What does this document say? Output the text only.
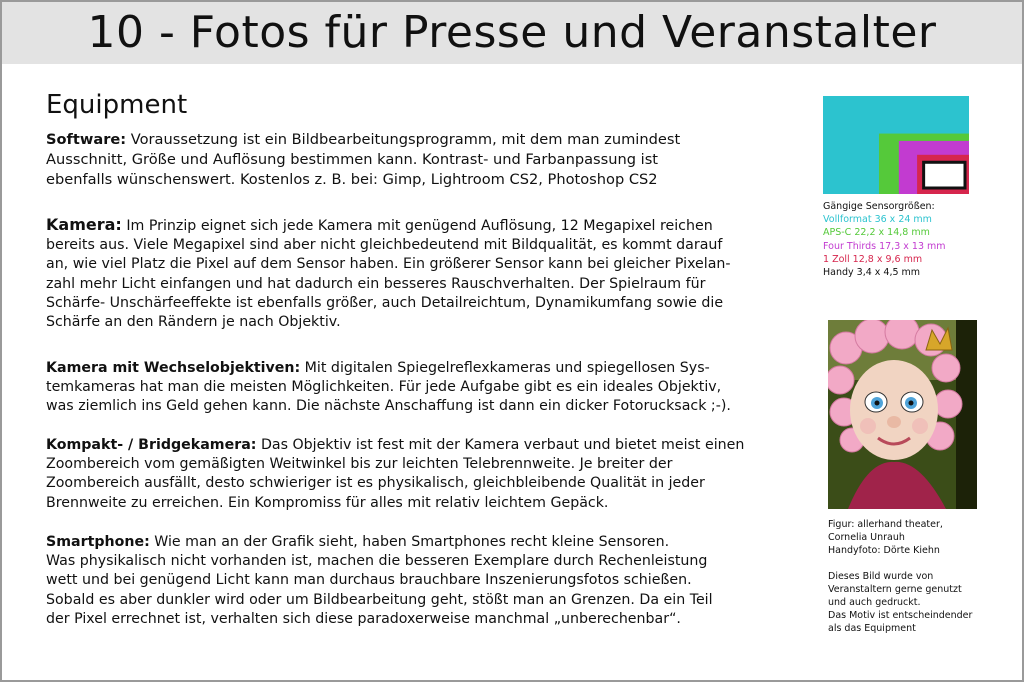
10 - Fotos für Presse und Veranstalter
Equipment
Software: Voraussetzung ist ein Bildbearbeitungsprogramm, mit dem man zumindest
Ausschnitt, Größe und Auflösung bestimmen kann. Kontrast- und Farbanpassung ist
ebenfalls wünschenswert. Kostenlos z. B. bei: Gimp, Lightroom CS2, Photoshop CS2
Kamera: Im Prinzip eignet sich jede Kamera mit genügend Auflösung, 12 Megapixel reichen
bereits aus. Viele Megapixel sind aber nicht gleichbedeutend mit Bildqualität, es kommt darauf
an, wie viel Platz die Pixel auf dem Sensor haben. Ein größerer Sensor kann bei gleicher Pixelan-
zahl mehr Licht einfangen und hat dadurch ein besseres Rauschverhalten. Der Spielraum für
Schärfe- Unschärfeeffekte ist ebenfalls größer, auch Detailreichtum, Dynamikumfang sowie die
Schärfe an den Rändern je nach Objektiv.
Kamera mit Wechselobjektiven: Mit digitalen Spiegelreflexkameras und spiegellosen Sys-
temkameras hat man die meisten Möglichkeiten. Für jede Aufgabe gibt es ein ideales Objektiv,
was ziemlich ins Geld gehen kann. Die nächste Anschaffung ist dann ein dicker Fotorucksack ;-).
Kompakt- / Bridgekamera: Das Objektiv ist fest mit der Kamera verbaut und bietet meist einen
Zoombereich vom gemäßigten Weitwinkel bis zur leichten Telebrennweite. Je breiter der
Zoombereich ausfällt, desto schwieriger ist es physikalisch, gleichbleibende Qualität in jeder
Brennweite zu erreichen. Ein Kompromiss für alles mit relativ leichtem Gepäck.
Smartphone: Wie man an der Grafik sieht, haben Smartphones recht kleine Sensoren.
Was physikalisch nicht vorhanden ist, machen die besseren Exemplare durch Rechenleistung
wett und bei genügend Licht kann man durchaus brauchbare Inszenierungsfotos schießen.
Sobald es aber dunkler wird oder um Bildbearbeitung geht, stößt man an Grenzen. Da ein Teil
der Pixel errechnet ist, verhalten sich diese paradoxerweise manchmal „unberechenbar“.
Gängige Sensorgrößen:
Vollformat 36 x 24 mm
APS-C 22,2 x 14,8 mm
Four Thirds 17,3 x 13 mm
1 Zoll 12,8 x 9,6 mm
Handy 3,4 x 4,5 mm
Figur: allerhand theater,
Cornelia Unrauh
Handyfoto: Dörte Kiehn
Dieses Bild wurde von
Veranstaltern gerne genutzt
und auch gedruckt.
Das Motiv ist entscheindender
als das Equipment
